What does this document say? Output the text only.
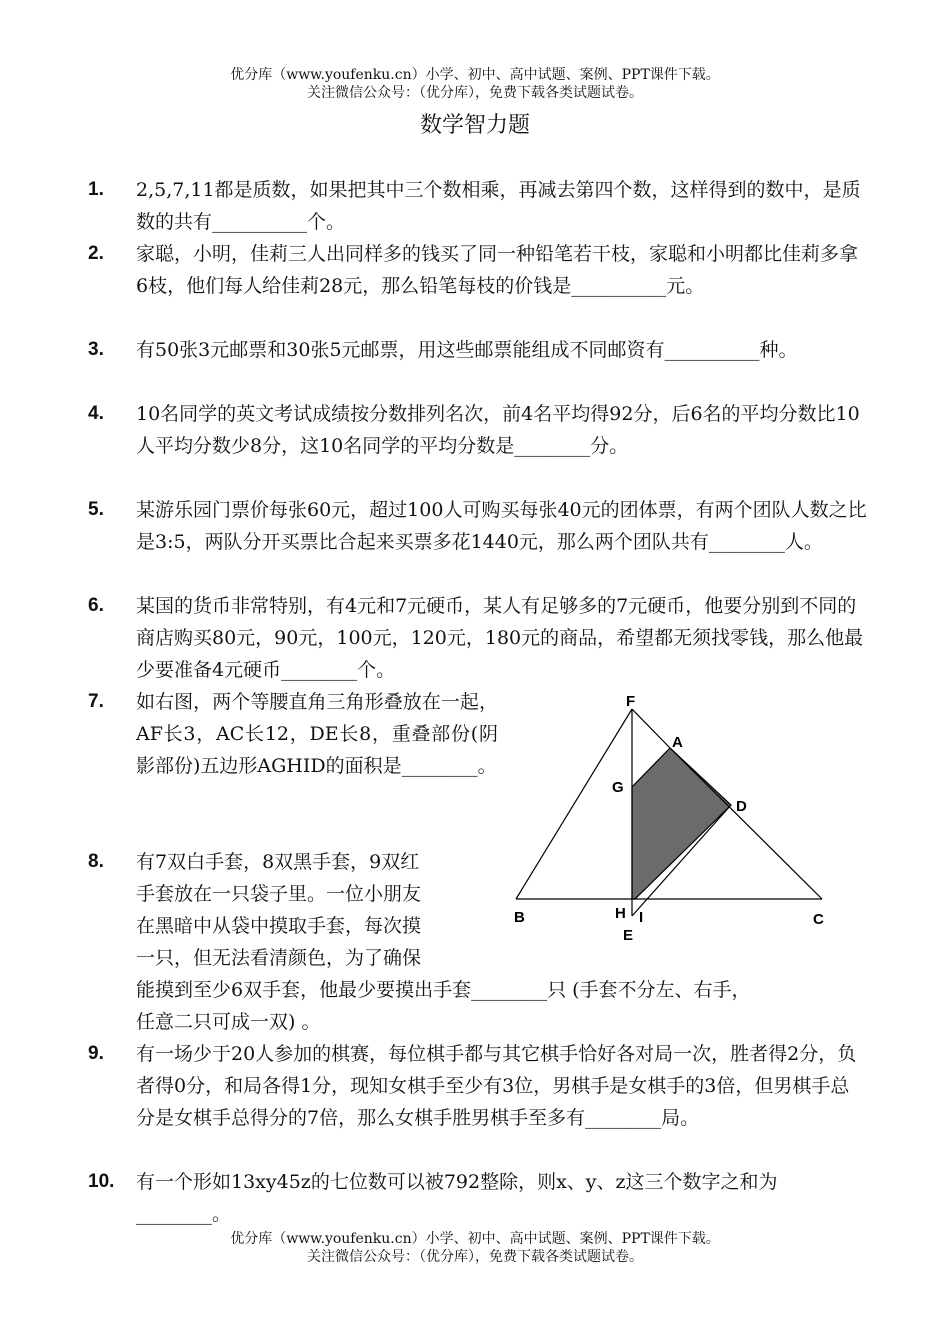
优分库（www.youfenku.cn）小学、初中、高中试题、案例、PPT课件下载。
关注微信公众号：（优分库），免费下载各类试题试卷。
数学智力题
1.	2,5,7,11都是质数，如果把其中三个数相乘，再减去第四个数，这样得到的数中，是质数的共有__________个。
2.	家聪，小明，佳莉三人出同样多的钱买了同一种铅笔若干枝，家聪和小明都比佳莉多拿6枝，他们每人给佳莉28元，那么铅笔每枝的价钱是__________元。
3.	有50张3元邮票和30张5元邮票，用这些邮票能组成不同邮资有__________种。
4.	10名同学的英文考试成绩按分数排列名次，前4名平均得92分，后6名的平均分数比10人平均分数少8分，这10名同学的平均分数是________分。
5.	某游乐园门票价每张60元，超过100人可购买每张40元的团体票，有两个团队人数之比是3:5，两队分开买票比合起来买票多花1440元，那么两个团队共有________人。
6.	某国的货币非常特别，有4元和7元硬币，某人有足够多的7元硬币，他要分别到不同的商店购买80元，90元，100元，120元，180元的商品，希望都无须找零钱，那么他最少要准备4元硬币________个。
7.	如右图，两个等腰直角三角形叠放在一起，AF长3，AC长12，DE长8，重叠部份(阴影部份)五边形AGHID的面积是________。
8.	有7双白手套，8双黑手套，9双红
手套放在一只袋子里。一位小朋友
在黑暗中从袋中摸取手套，每次摸
一只，但无法看清颜色，为了确保
能摸到至少6双手套，他最少要摸出手套________只 (手套不分左、右手，
任意二只可成一双) 。
9.	有一场少于20人参加的棋赛，每位棋手都与其它棋手恰好各对局一次，胜者得2分，负者得0分，和局各得1分，现知女棋手至少有3位，男棋手是女棋手的3倍，但男棋手总分是女棋手总得分的7倍，那么女棋手胜男棋手至多有________局。
10.	有一个形如13xy45z的七位数可以被792整除，则x、y、z这三个数字之和为________。
F
A
G
D
B	H I	C
E
优分库（www.youfenku.cn）小学、初中、高中试题、案例、PPT课件下载。
关注微信公众号：（优分库），免费下载各类试题试卷。
